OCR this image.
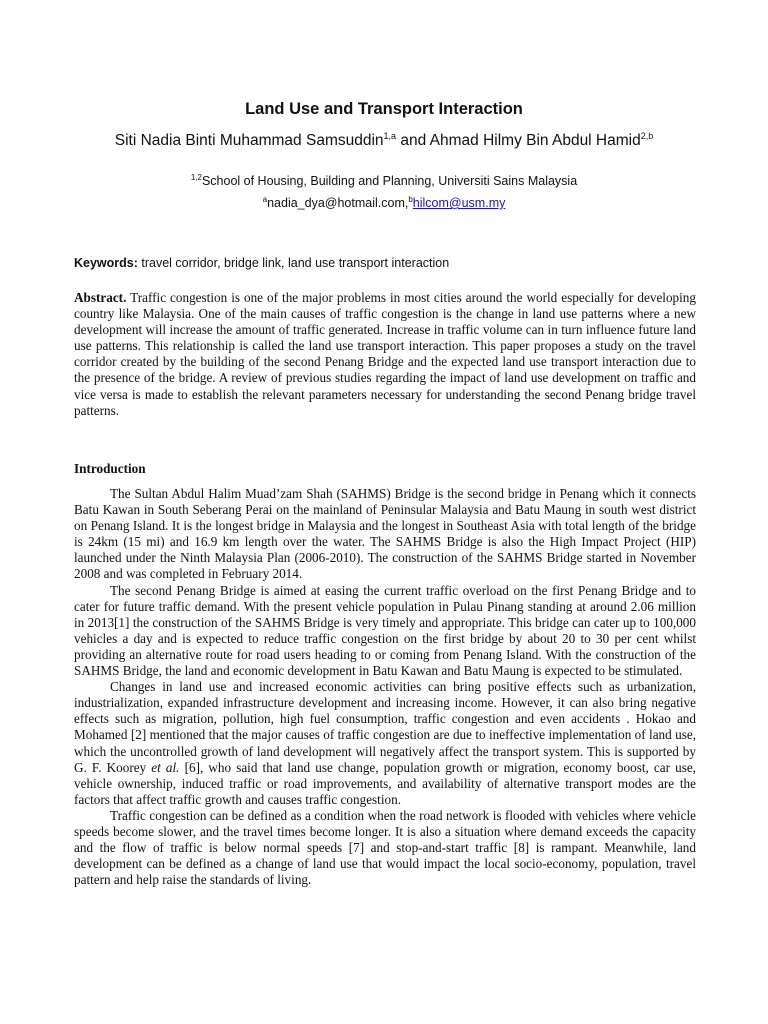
Land Use and Transport Interaction
Siti Nadia Binti Muhammad Samsuddin$^{1,a}$ and Ahmad Hilmy Bin Abdul Hamid$^{2,b}$
$^{1,2}$School of Housing, Building and Planning, Universiti Sains Malaysia
$^a$nadia_dya@hotmail.com,$^b$hilcom@usm.my
Keywords: travel corridor, bridge link, land use transport interaction
Abstract. Traffic congestion is one of the major problems in most cities around the world especially for developing country like Malaysia. One of the main causes of traffic congestion is the change in land use patterns where a new development will increase the amount of traffic generated. Increase in traffic volume can in turn influence future land use patterns. This relationship is called the land use transport interaction. This paper proposes a study on the travel corridor created by the building of the second Penang Bridge and the expected land use transport interaction due to the presence of the bridge. A review of previous studies regarding the impact of land use development on traffic and vice versa is made to establish the relevant parameters necessary for understanding the second Penang bridge travel patterns.
Introduction

The Sultan Abdul Halim Muad’zam Shah (SAHMS) Bridge is the second bridge in Penang which it connects Batu Kawan in South Seberang Perai on the mainland of Peninsular Malaysia and Batu Maung in south west district on Penang Island. It is the longest bridge in Malaysia and the longest in Southeast Asia with total length of the bridge is 24km (15 mi) and 16.9 km length over the water. The SAHMS Bridge is also the High Impact Project (HIP) launched under the Ninth Malaysia Plan (2006-2010). The construction of the SAHMS Bridge started in November 2008 and was completed in February 2014.

The second Penang Bridge is aimed at easing the current traffic overload on the first Penang Bridge and to cater for future traffic demand. With the present vehicle population in Pulau Pinang standing at around 2.06 million in 2013[1] the construction of the SAHMS Bridge is very timely and appropriate. This bridge can cater up to 100,000 vehicles a day and is expected to reduce traffic congestion on the first bridge by about 20 to 30 per cent whilst providing an alternative route for road users heading to or coming from Penang Island. With the construction of the SAHMS Bridge, the land and economic development in Batu Kawan and Batu Maung is expected to be stimulated.

Changes in land use and increased economic activities can bring positive effects such as urbanization, industrialization, expanded infrastructure development and increasing income. However, it can also bring negative effects such as migration, pollution, high fuel consumption, traffic congestion and even accidents . Hokao and Mohamed [2] mentioned that the major causes of traffic congestion are due to ineffective implementation of land use, which the uncontrolled growth of land development will negatively affect the transport system. This is supported by G. F. Koorey et al. [6], who said that land use change, population growth or migration, economy boost, car use, vehicle ownership, induced traffic or road improvements, and availability of alternative transport modes are the factors that affect traffic growth and causes traffic congestion.

Traffic congestion can be defined as a condition when the road network is flooded with vehicles where vehicle speeds become slower, and the travel times become longer. It is also a situation where demand exceeds the capacity and the flow of traffic is below normal speeds [7] and stop-and-start traffic [8] is rampant. Meanwhile, land development can be defined as a change of land use that would impact the local socio-economy, population, travel pattern and help raise the standards of living.
